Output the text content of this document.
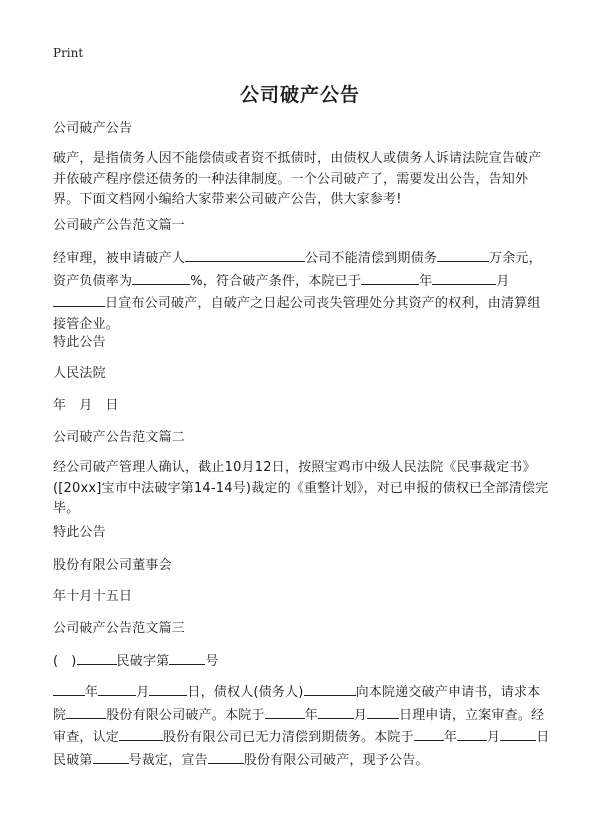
Print
公司破产公告

公司破产公告

破产，是指债务人因不能偿债或者资不抵债时，由债权人或债务人诉请法院宣告破产并依破产程序偿还债务的一种法律制度。一个公司破产了，需要发出公告，告知外界。下面文档网小编给大家带来公司破产公告，供大家参考!

公司破产公告范文篇一

经审理，被申请破产人	公司不能清偿到期债务	万余元，资产负债率为	%，符合破产条件，本院已于	年	月日宣布公司破产，自破产之日起公司丧失管理处分其资产的权利，由清算组接管企业。

特此公告

人民法院

年   月   日

公司破产公告范文篇二

经公司破产管理人确认，截止10月12日，按照宝鸡市中级人民法院《民事裁定书》([20xx]宝市中法破字第14-14号)裁定的《重整计划》，对已申报的债权已全部清偿完毕。

特此公告

股份有限公司董事会

年十月十五日

公司破产公告范文篇三

(   )	民破字第	号

年	月	日，债权人(债务人)	向本院递交破产申请书，请求本院	股份有限公司破产。本院于	年	月 日理申请，立案审查。经审查，认定	股份有限公司已无力清偿到期债务。本院于 年 月	日民破第	号裁定，宣告	股份有限公司破产，现予公告。
